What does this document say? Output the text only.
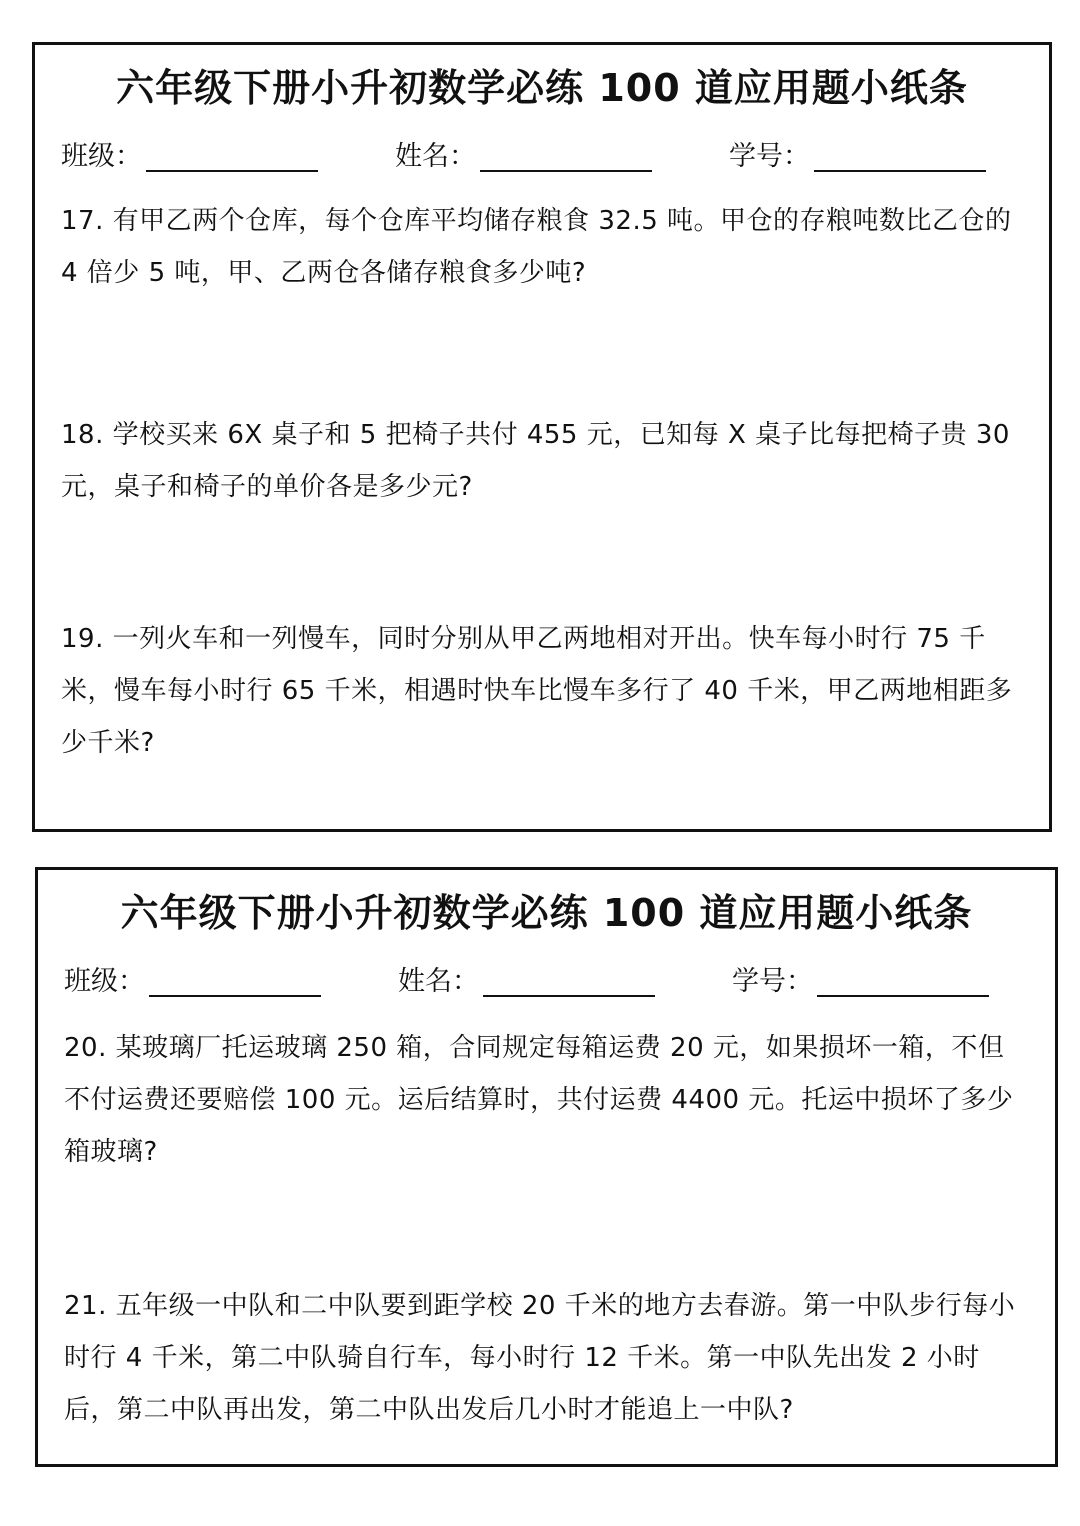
六年级下册小升初数学必练 100 道应用题小纸条
班级：	姓名：	学号：
17. 有甲乙两个仓库，每个仓库平均储存粮食 32.5 吨。甲仓的存粮吨数比乙仓的 4 倍少 5 吨，甲、乙两仓各储存粮食多少吨?
18. 学校买来 6X 桌子和 5 把椅子共付 455 元，已知每 X 桌子比每把椅子贵 30 元，桌子和椅子的单价各是多少元?
19. 一列火车和一列慢车，同时分别从甲乙两地相对开出。快车每小时行 75 千米，慢车每小时行 65 千米，相遇时快车比慢车多行了 40 千米，甲乙两地相距多少千米?
六年级下册小升初数学必练 100 道应用题小纸条
班级：	姓名：	学号：
20. 某玻璃厂托运玻璃 250 箱，合同规定每箱运费 20 元，如果损坏一箱，不但不付运费还要赔偿 100 元。运后结算时，共付运费 4400 元。托运中损坏了多少箱玻璃?
21. 五年级一中队和二中队要到距学校 20 千米的地方去春游。第一中队步行每小时行 4 千米，第二中队骑自行车，每小时行 12 千米。第一中队先出发 2 小时后，第二中队再出发，第二中队出发后几小时才能追上一中队?
